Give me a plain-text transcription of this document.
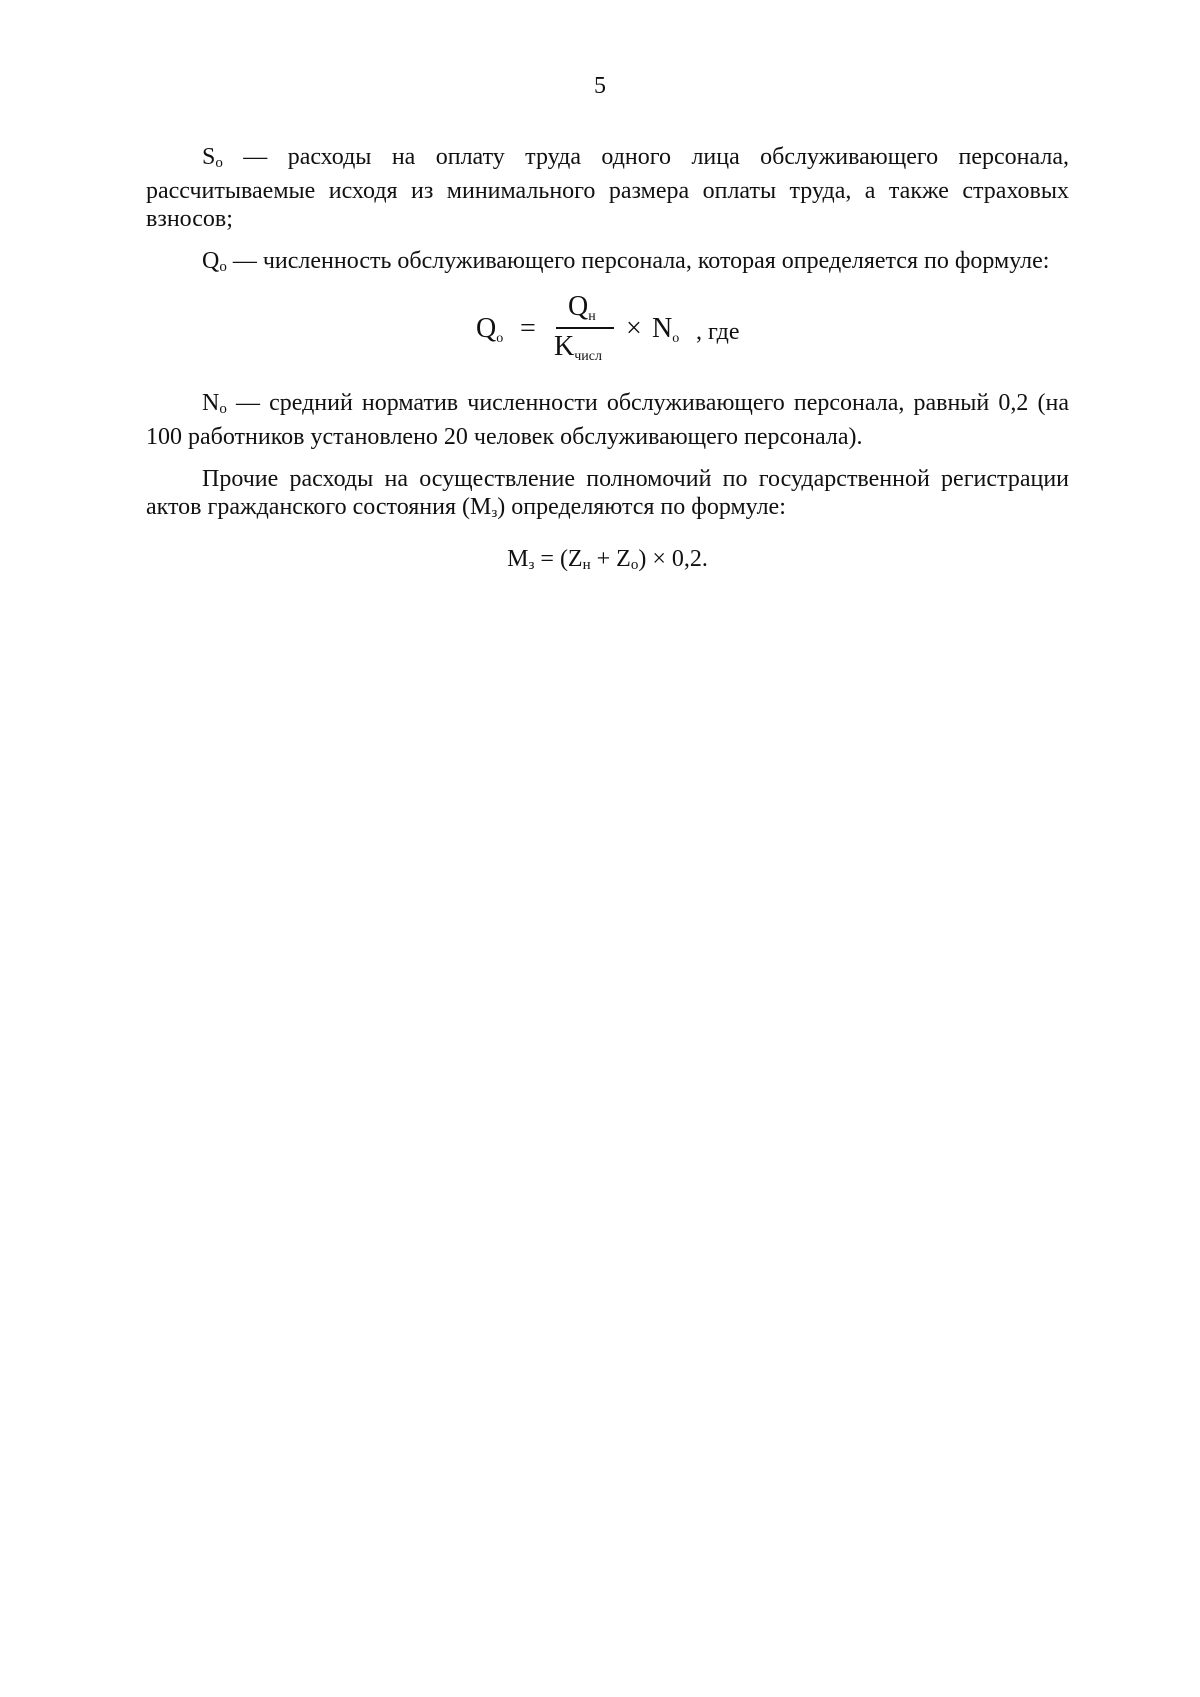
5

$S_o$ — расходы на оплату труда одного лица обслуживающего персонала, рассчитываемые исходя из минимального размера оплаты труда, а также страховых взносов;

$Q_o$ — численность обслуживающего персонала, которая определяется по формуле:

Qo =
Qн
Kчисл
× No , где

$N_o$ — средний норматив численности обслуживающего персонала, равный 0,2 (на 100 работников установлено 20 человек обслуживающего персонала).

Прочие расходы на осуществление полномочий по государственной регистрации актов гражданского состояния $(M_з)$ определяются по формуле:

$M_з = (Z_н + Z_o) \times 0,2$.
